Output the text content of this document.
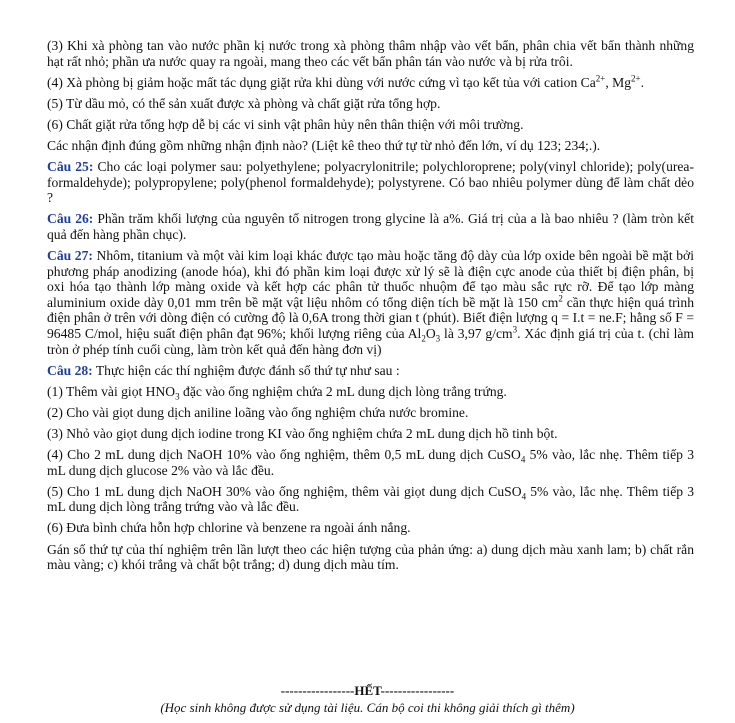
(3) Khi xà phòng tan vào nước phần kị nước trong xà phòng thâm nhập vào vết bẩn, phân chia vết bẩn thành những hạt rất nhỏ; phần ưa nước quay ra ngoài, mang theo các vết bẩn phân tán vào nước và bị rửa trôi.

(4) Xà phòng bị giảm hoặc mất tác dụng giặt rửa khi dùng với nước cứng vì tạo kết tủa với cation $Ca^{2+}$, $Mg^{2+}$.

(5) Từ dầu mỏ, có thể sản xuất được xà phòng và chất giặt rửa tổng hợp.

(6) Chất giặt rửa tổng hợp dễ bị các vi sinh vật phân hủy nên thân thiện với môi trường.

Các nhận định đúng gồm những nhận định nào? (Liệt kê theo thứ tự từ nhỏ đến lớn, ví dụ 123; 234;.).

Câu 25: Cho các loại polymer sau: polyethylene; polyacrylonitrile; polychloroprene; poly(vinyl chloride); poly(urea-formaldehyde); polypropylene; poly(phenol formaldehyde); polystyrene. Có bao nhiêu polymer dùng để làm chất dẻo ?

Câu 26: Phần trăm khối lượng của nguyên tố nitrogen trong glycine là a%. Giá trị của a là bao nhiêu ? (làm tròn kết quả đến hàng phần chục).

Câu 27: Nhôm, titanium và một vài kim loại khác được tạo màu hoặc tăng độ dày của lớp oxide bên ngoài bề mặt bởi phương pháp anodizing (anode hóa), khi đó phần kim loại được xử lý sẽ là điện cực anode của thiết bị điện phân, bị oxi hóa tạo thành lớp màng oxide và kết hợp các phân tử thuốc nhuộm để tạo màu sắc rực rỡ. Để tạo lớp màng aluminium oxide dày 0,01 mm trên bề mặt vật liệu nhôm có tổng diện tích bề mặt là 150 $cm^2$ cần thực hiện quá trình điện phân ở trên với dòng điện có cường độ là 0,6A trong thời gian t (phút). Biết điện lượng q = I.t = ne.F; hằng số F = 96485 C/mol, hiệu suất điện phân đạt 96%; khối lượng riêng của $Al_2O_3$ là 3,97 $g/cm^3$. Xác định giá trị của t. (chỉ làm tròn ở phép tính cuối cùng, làm tròn kết quả đến hàng đơn vị)

Câu 28: Thực hiện các thí nghiệm được đánh số thứ tự như sau :

(1) Thêm vài giọt $HNO_3$ đặc vào ống nghiệm chứa 2 mL dung dịch lòng trắng trứng.

(2) Cho vài giọt dung dịch aniline loãng vào ống nghiệm chứa nước bromine.

(3) Nhỏ vào giọt dung dịch iodine trong KI vào ống nghiệm chứa 2 mL dung dịch hồ tinh bột.

(4) Cho 2 mL dung dịch NaOH 10% vào ống nghiệm, thêm 0,5 mL dung dịch CuSO$_4$ 5% vào, lắc nhẹ. Thêm tiếp 3 mL dung dịch glucose 2% vào và lắc đều.

(5) Cho 1 mL dung dịch NaOH 30% vào ống nghiệm, thêm vài giọt dung dịch CuSO$_4$ 5% vào, lắc nhẹ. Thêm tiếp 3 mL dung dịch lòng trắng trứng vào và lắc đều.

(6) Đưa bình chứa hỗn hợp chlorine và benzene ra ngoài ánh nắng.

Gán số thứ tự của thí nghiệm trên lần lượt theo các hiện tượng của phản ứng: a) dung dịch màu xanh lam; b) chất rắn màu vàng; c) khói trắng và chất bột trắng; d) dung dịch màu tím.

-----------------HẾT-----------------
(Học sinh không được sử dụng tài liệu. Cán bộ coi thi không giải thích gì thêm)
